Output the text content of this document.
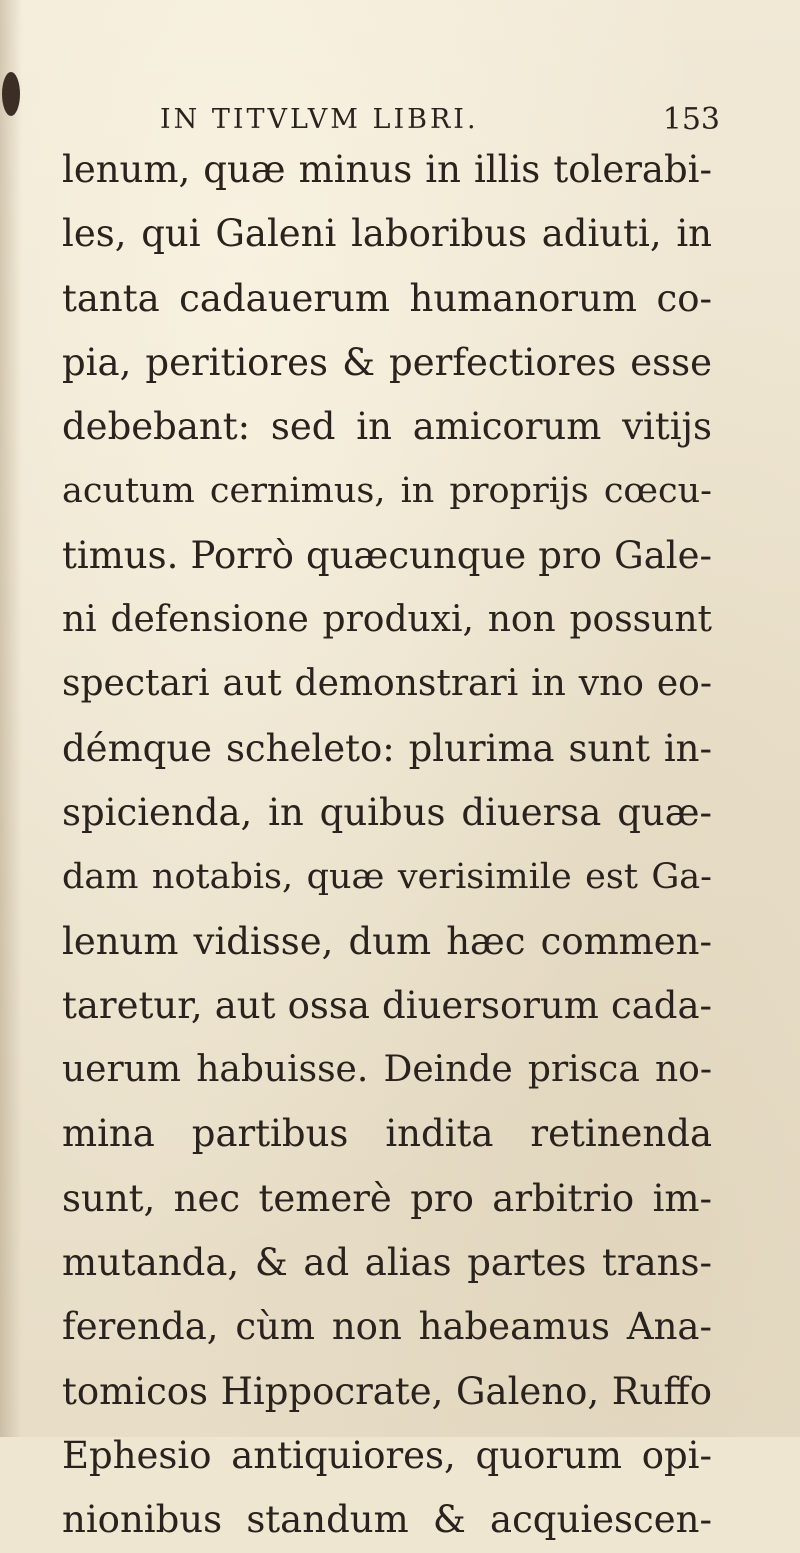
IN TITVLVM LIBRI.	153
lenum, quæ minus in illis tolerabi-
les, qui Galeni laboribus adiuti, in
tanta cadauerum humanorum co-
pia, peritiores & perfectiores esse
debebant: sed in amicorum vitijs
acutum cernimus, in proprijs cœcu-
timus. Porrò quæcunque pro Gale-
ni defensione produxi, non possunt
spectari aut demonstrari in vno eo-
démque scheleto: plurima sunt in-
spicienda, in quibus diuersa quæ-
dam notabis, quæ verisimile est Ga-
lenum vidisse, dum hæc commen-
taretur, aut ossa diuersorum cada-
uerum habuisse. Deinde prisca no-
mina partibus indita retinenda
sunt, nec temerè pro arbitrio im-
mutanda, & ad alias partes trans-
ferenda, cùm non habeamus Ana-
tomicos Hippocrate, Galeno, Ruffo
Ephesio antiquiores, quorum opi-
nionibus standum & acquiescen-
